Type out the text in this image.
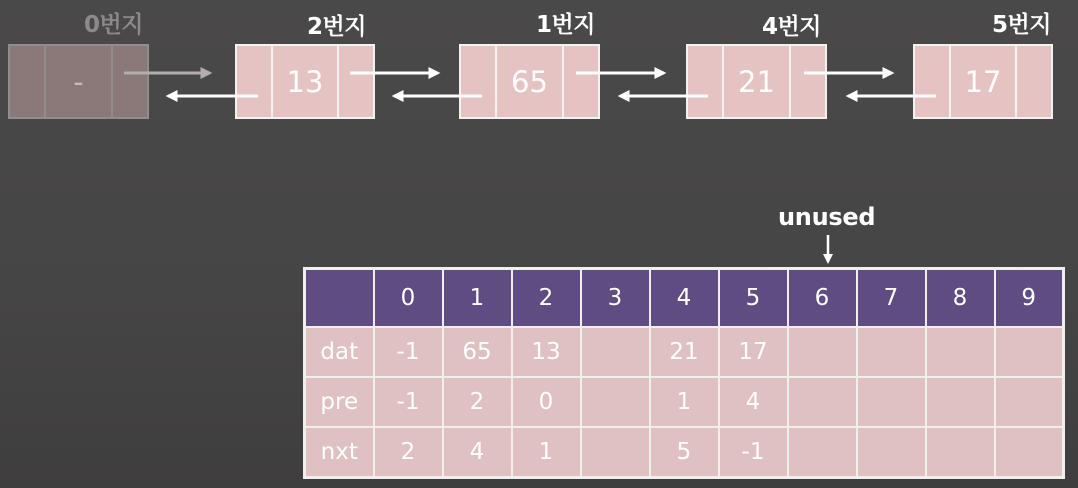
0번지	2번지	1번지	4번지	5번지
-	13	65	21	17
unused
	0	1	2	3	4	5	6	7	8	9
dat	-1	65	13		21	17				
pre	-1	2	0		1	4				
nxt	2	4	1		5	-1				
